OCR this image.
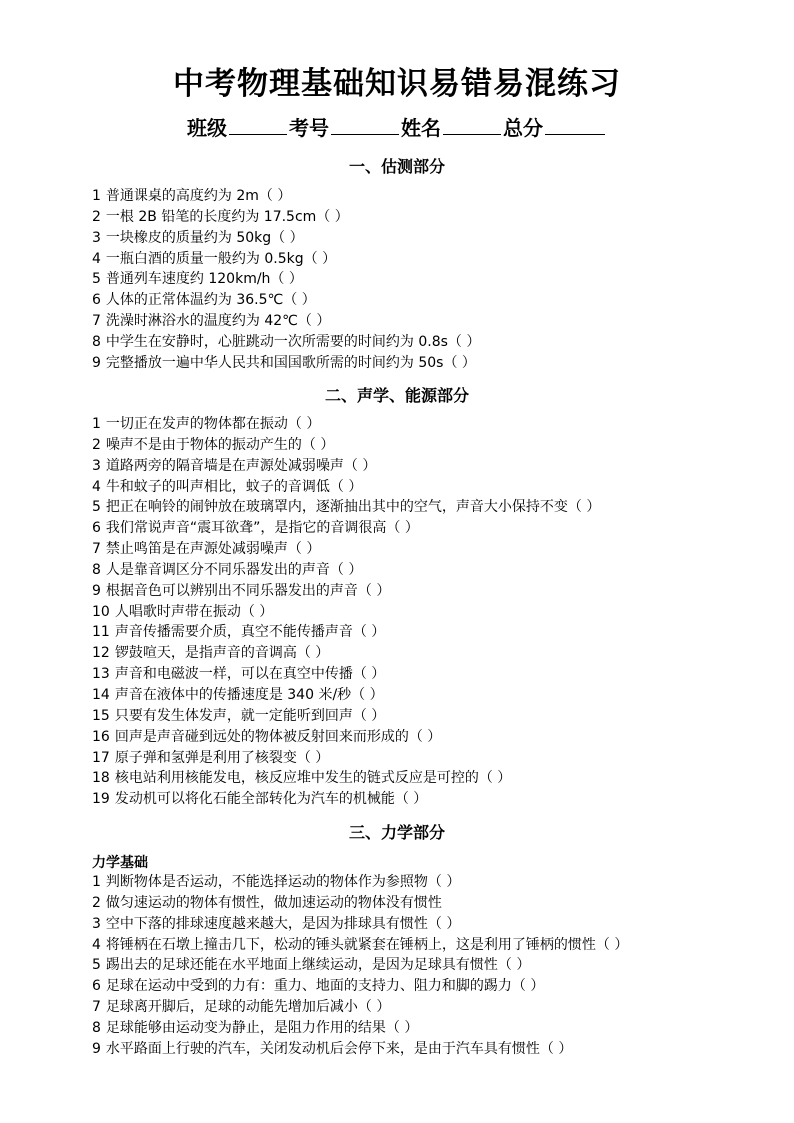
中考物理基础知识易错易混练习
班级	考号	姓名	总分
一、估测部分
1 普通课桌的高度约为 2m（ ）
2 一根 2B 铅笔的长度约为 17.5cm（ ）
3 一块橡皮的质量约为 50kg（ ）
4 一瓶白酒的质量一般约为 0.5kg（ ）
5 普通列车速度约 120km/h（ ）
6 人体的正常体温约为 36.5℃（ ）
7 洗澡时淋浴水的温度约为 42℃（ ）
8 中学生在安静时，心脏跳动一次所需要的时间约为 0.8s（ ）
9 完整播放一遍中华人民共和国国歌所需的时间约为 50s（ ）
二、声学、能源部分
1 一切正在发声的物体都在振动（ ）
2 噪声不是由于物体的振动产生的（ ）
3 道路两旁的隔音墙是在声源处减弱噪声（ ）
4 牛和蚊子的叫声相比，蚊子的音调低（ ）
5 把正在响铃的闹钟放在玻璃罩内，逐渐抽出其中的空气，声音大小保持不变（ ）
6 我们常说声音“震耳欲聋”，是指它的音调很高（ ）
7 禁止鸣笛是在声源处减弱噪声（ ）
8 人是靠音调区分不同乐器发出的声音（ ）
9 根据音色可以辨别出不同乐器发出的声音（ ）
10 人唱歌时声带在振动（ ）
11 声音传播需要介质，真空不能传播声音（ ）
12 锣鼓喧天，是指声音的音调高（ ）
13 声音和电磁波一样，可以在真空中传播（ ）
14 声音在液体中的传播速度是 340 米/秒（ ）
15 只要有发生体发声，就一定能听到回声（ ）
16 回声是声音碰到远处的物体被反射回来而形成的（ ）
17 原子弹和氢弹是利用了核裂变（ ）
18 核电站利用核能发电，核反应堆中发生的链式反应是可控的（ ）
19 发动机可以将化石能全部转化为汽车的机械能（ ）
三、力学部分
力学基础
1 判断物体是否运动，不能选择运动的物体作为参照物（ ）
2 做匀速运动的物体有惯性，做加速运动的物体没有惯性
3 空中下落的排球速度越来越大，是因为排球具有惯性（ ）
4 将锤柄在石墩上撞击几下，松动的锤头就紧套在锤柄上，这是利用了锤柄的惯性（ ）
5 踢出去的足球还能在水平地面上继续运动，是因为足球具有惯性（ ）
6 足球在运动中受到的力有：重力、地面的支持力、阻力和脚的踢力（ ）
7 足球离开脚后，足球的动能先增加后减小（ ）
8 足球能够由运动变为静止，是阻力作用的结果（ ）
9 水平路面上行驶的汽车，关闭发动机后会停下来，是由于汽车具有惯性（ ）
